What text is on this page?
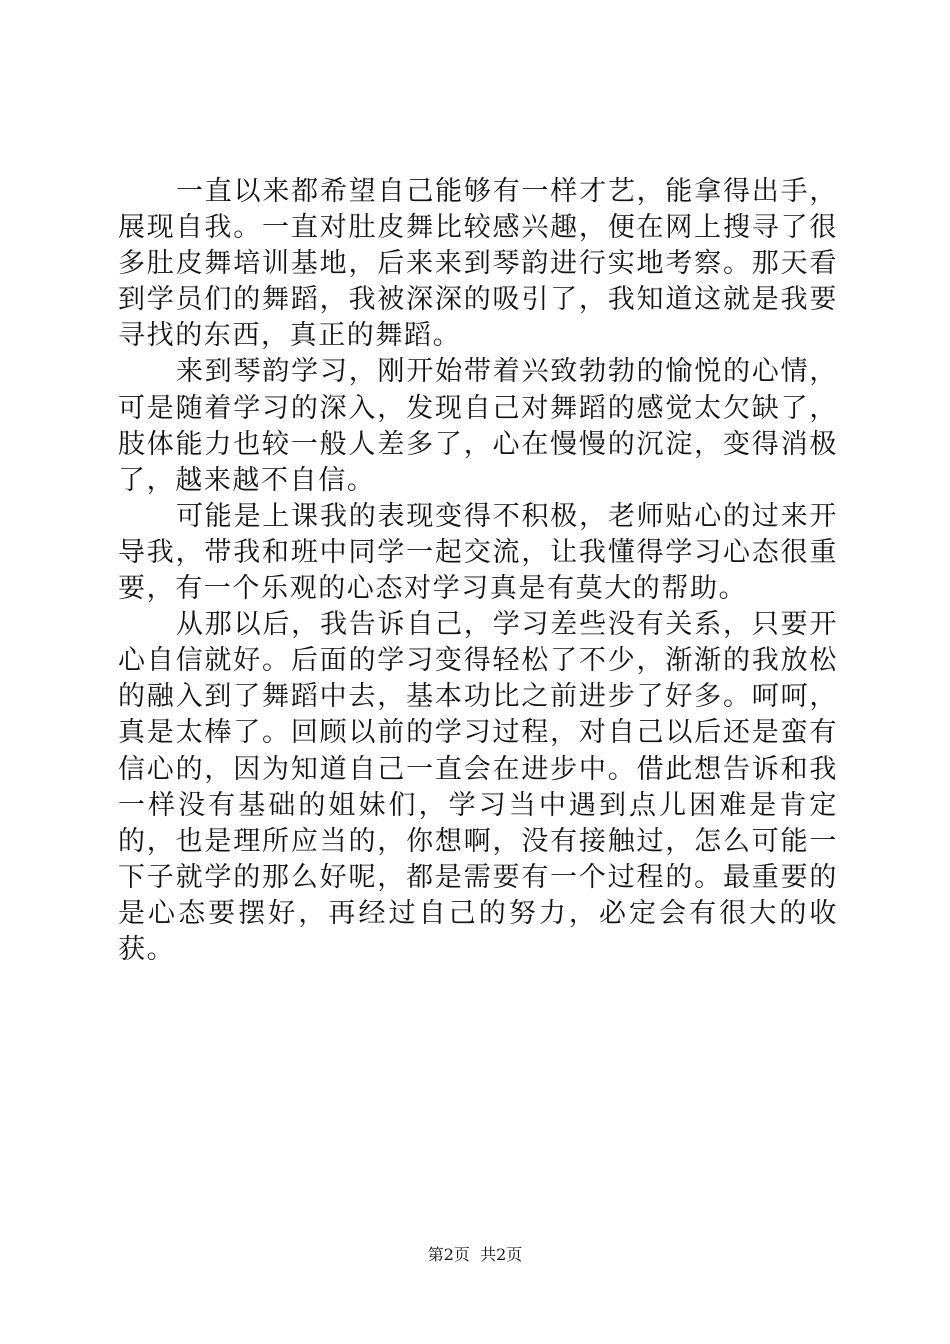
一直以来都希望自己能够有一样才艺，能拿得出手，展现自我。一直对肚皮舞比较感兴趣，便在网上搜寻了很多肚皮舞培训基地，后来来到琴韵进行实地考察。那天看到学员们的舞蹈，我被深深的吸引了，我知道这就是我要寻找的东西，真正的舞蹈。

来到琴韵学习，刚开始带着兴致勃勃的愉悦的心情，可是随着学习的深入，发现自己对舞蹈的感觉太欠缺了，肢体能力也较一般人差多了，心在慢慢的沉淀，变得消极了，越来越不自信。

可能是上课我的表现变得不积极，老师贴心的过来开导我，带我和班中同学一起交流，让我懂得学习心态很重要，有一个乐观的心态对学习真是有莫大的帮助。

从那以后，我告诉自己，学习差些没有关系，只要开心自信就好。后面的学习变得轻松了不少，渐渐的我放松的融入到了舞蹈中去，基本功比之前进步了好多。呵呵，真是太棒了。回顾以前的学习过程，对自己以后还是蛮有信心的，因为知道自己一直会在进步中。借此想告诉和我一样没有基础的姐妹们，学习当中遇到点儿困难是肯定的，也是理所应当的，你想啊，没有接触过，怎么可能一下子就学的那么好呢，都是需要有一个过程的。最重要的是心态要摆好，再经过自己的努力，必定会有很大的收获。

第2页 共2页
